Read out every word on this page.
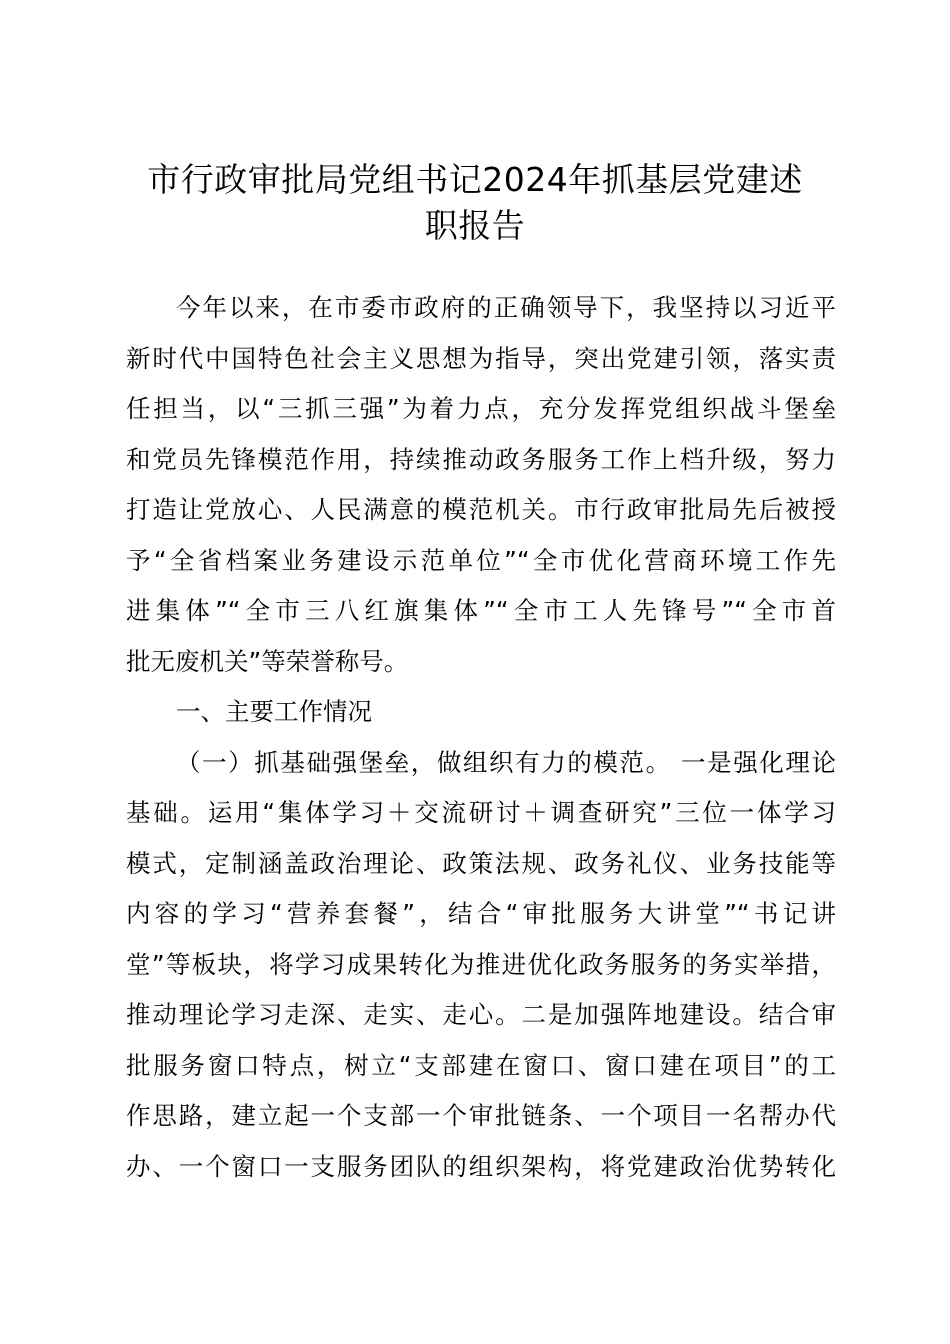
市行政审批局党组书记2024年抓基层党建述
职报告
今年以来，在市委市政府的正确领导下，我坚持以习近平
新时代中国特色社会主义思想为指导，突出党建引领，落实责
任担当，以“三抓三强”为着力点，充分发挥党组织战斗堡垒
和党员先锋模范作用，持续推动政务服务工作上档升级，努力
打造让党放心、人民满意的模范机关。市行政审批局先后被授
予“全省档案业务建设示范单位”“全市优化营商环境工作先
进集体”“全市三八红旗集体”“全市工人先锋号”“全市首
批无废机关”等荣誉称号。
一、主要工作情况
（一）抓基础强堡垒，做组织有力的模范。 一是强化理论
基础。运用“集体学习＋交流研讨＋调查研究”三位一体学习
模式，定制涵盖政治理论、政策法规、政务礼仪、业务技能等
内容的学习“营养套餐”，结合“审批服务大讲堂”“书记讲
堂”等板块，将学习成果转化为推进优化政务服务的务实举措，
推动理论学习走深、走实、走心。二是加强阵地建设。结合审
批服务窗口特点，树立“支部建在窗口、窗口建在项目”的工
作思路，建立起一个支部一个审批链条、一个项目一名帮办代
办、一个窗口一支服务团队的组织架构，将党建政治优势转化
